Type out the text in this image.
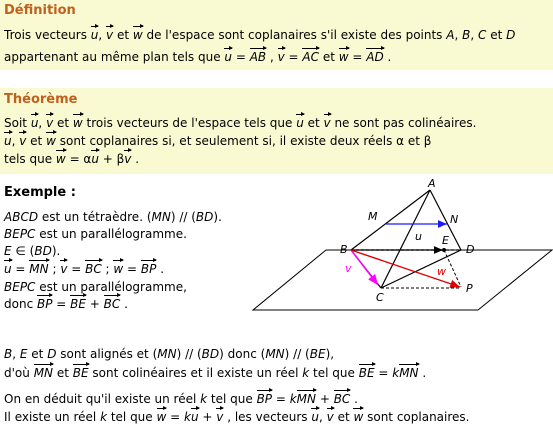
Définition
Trois vecteurs u, v et w de l'espace sont coplanaires s'il existe des points A, B, C et D
appartenant au même plan tels que u = AB , v = AC et w = AD .
Théorème
Soit u, v et w trois vecteurs de l'espace tels que u et v ne sont pas colinéaires.
u, v et w sont coplanaires si, et seulement si, il existe deux réels α et β
tels que w = αu + βv .
Exemple :
ABCD est un tétraèdre. (MN) // (BD).
BEPC est un parallélogramme.
E ∈ (BD).
u = MN ; v = BC ; w = BP .
BEPC est un parallélogramme,
donc BP = BE + BC .
B, E et D sont alignés et (MN) // (BD) donc (MN) // (BE),
d'où MN et BE sont colinéaires et il existe un réel k tel que BE = kMN .
On en déduit qu'il existe un réel k tel que BP = kMN + BC .
Il existe un réel k tel que w = ku + v , les vecteurs u, v et w sont coplanaires.
A
M	N
B
E
D
C
P
u
v	w
